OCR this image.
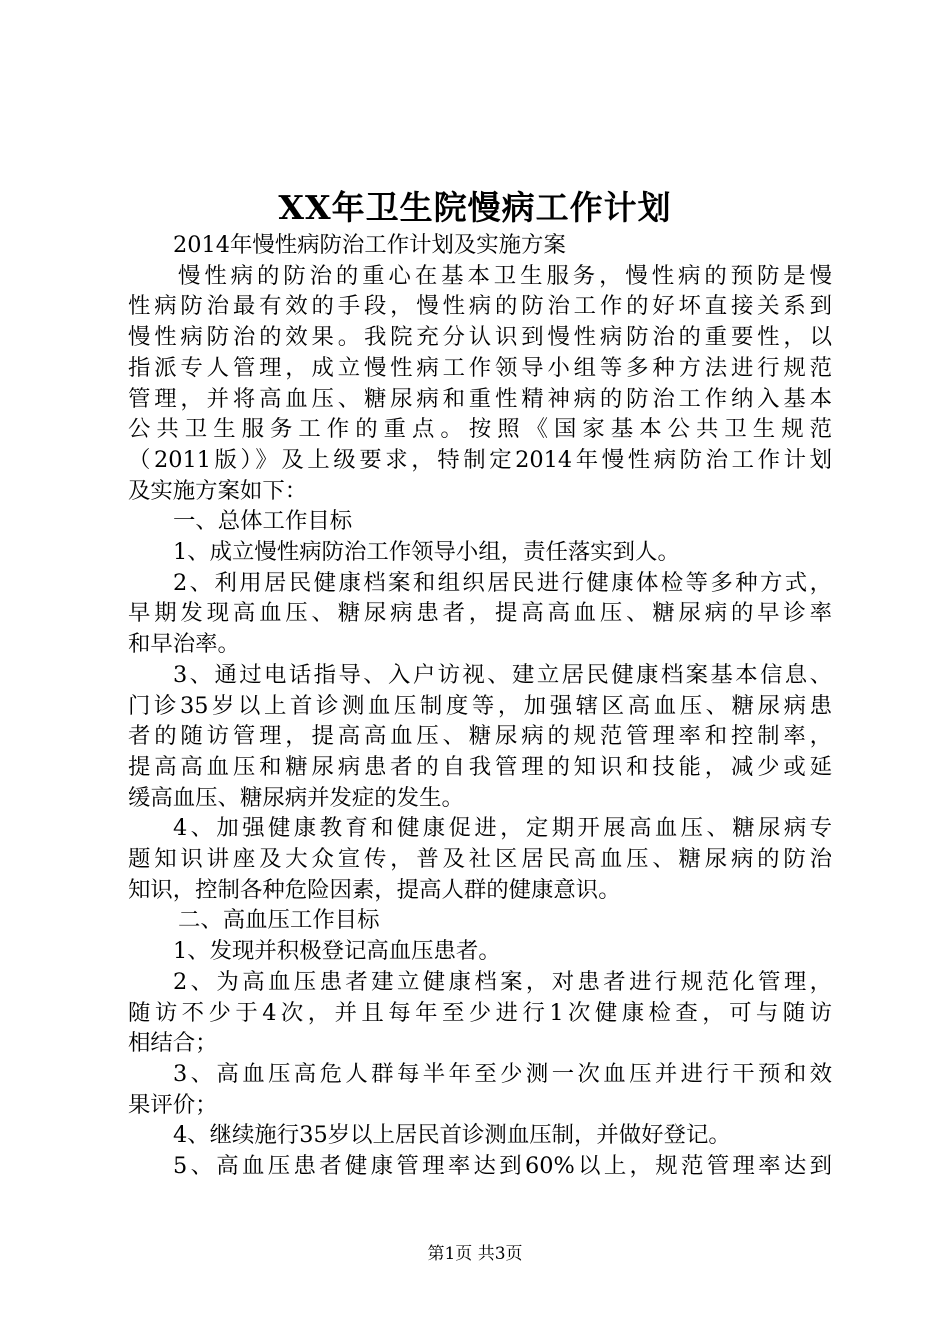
XX年卫生院慢病工作计划

2014年慢性病防治工作计划及实施方案

慢性病的防治的重心在基本卫生服务，慢性病的预防是慢

性病防治最有效的手段，慢性病的防治工作的好坏直接关系到

慢性病防治的效果。我院充分认识到慢性病防治的重要性，以

指派专人管理，成立慢性病工作领导小组等多种方法进行规范

管理，并将高血压、糖尿病和重性精神病的防治工作纳入基本

公共卫生服务工作的重点。按照《国家基本公共卫生规范

（2011版）》及上级要求，特制定2014年慢性病防治工作计划

及实施方案如下：

一、总体工作目标

1、成立慢性病防治工作领导小组，责任落实到人。

2、利用居民健康档案和组织居民进行健康体检等多种方式，

早期发现高血压、糖尿病患者，提高高血压、糖尿病的早诊率

和早治率。

3、通过电话指导、入户访视、建立居民健康档案基本信息、

门诊35岁以上首诊测血压制度等，加强辖区高血压、糖尿病患

者的随访管理，提高高血压、糖尿病的规范管理率和控制率，

提高高血压和糖尿病患者的自我管理的知识和技能，减少或延

缓高血压、糖尿病并发症的发生。

4、加强健康教育和健康促进，定期开展高血压、糖尿病专

题知识讲座及大众宣传，普及社区居民高血压、糖尿病的防治

知识，控制各种危险因素，提高人群的健康意识。

二、高血压工作目标

1、发现并积极登记高血压患者。

2、为高血压患者建立健康档案，对患者进行规范化管理，

随访不少于4次，并且每年至少进行1次健康检查，可与随访

相结合；

3、高血压高危人群每半年至少测一次血压并进行干预和效

果评价；

4、继续施行35岁以上居民首诊测血压制，并做好登记。

5、高血压患者健康管理率达到60%以上，规范管理率达到

第1页 共3页
